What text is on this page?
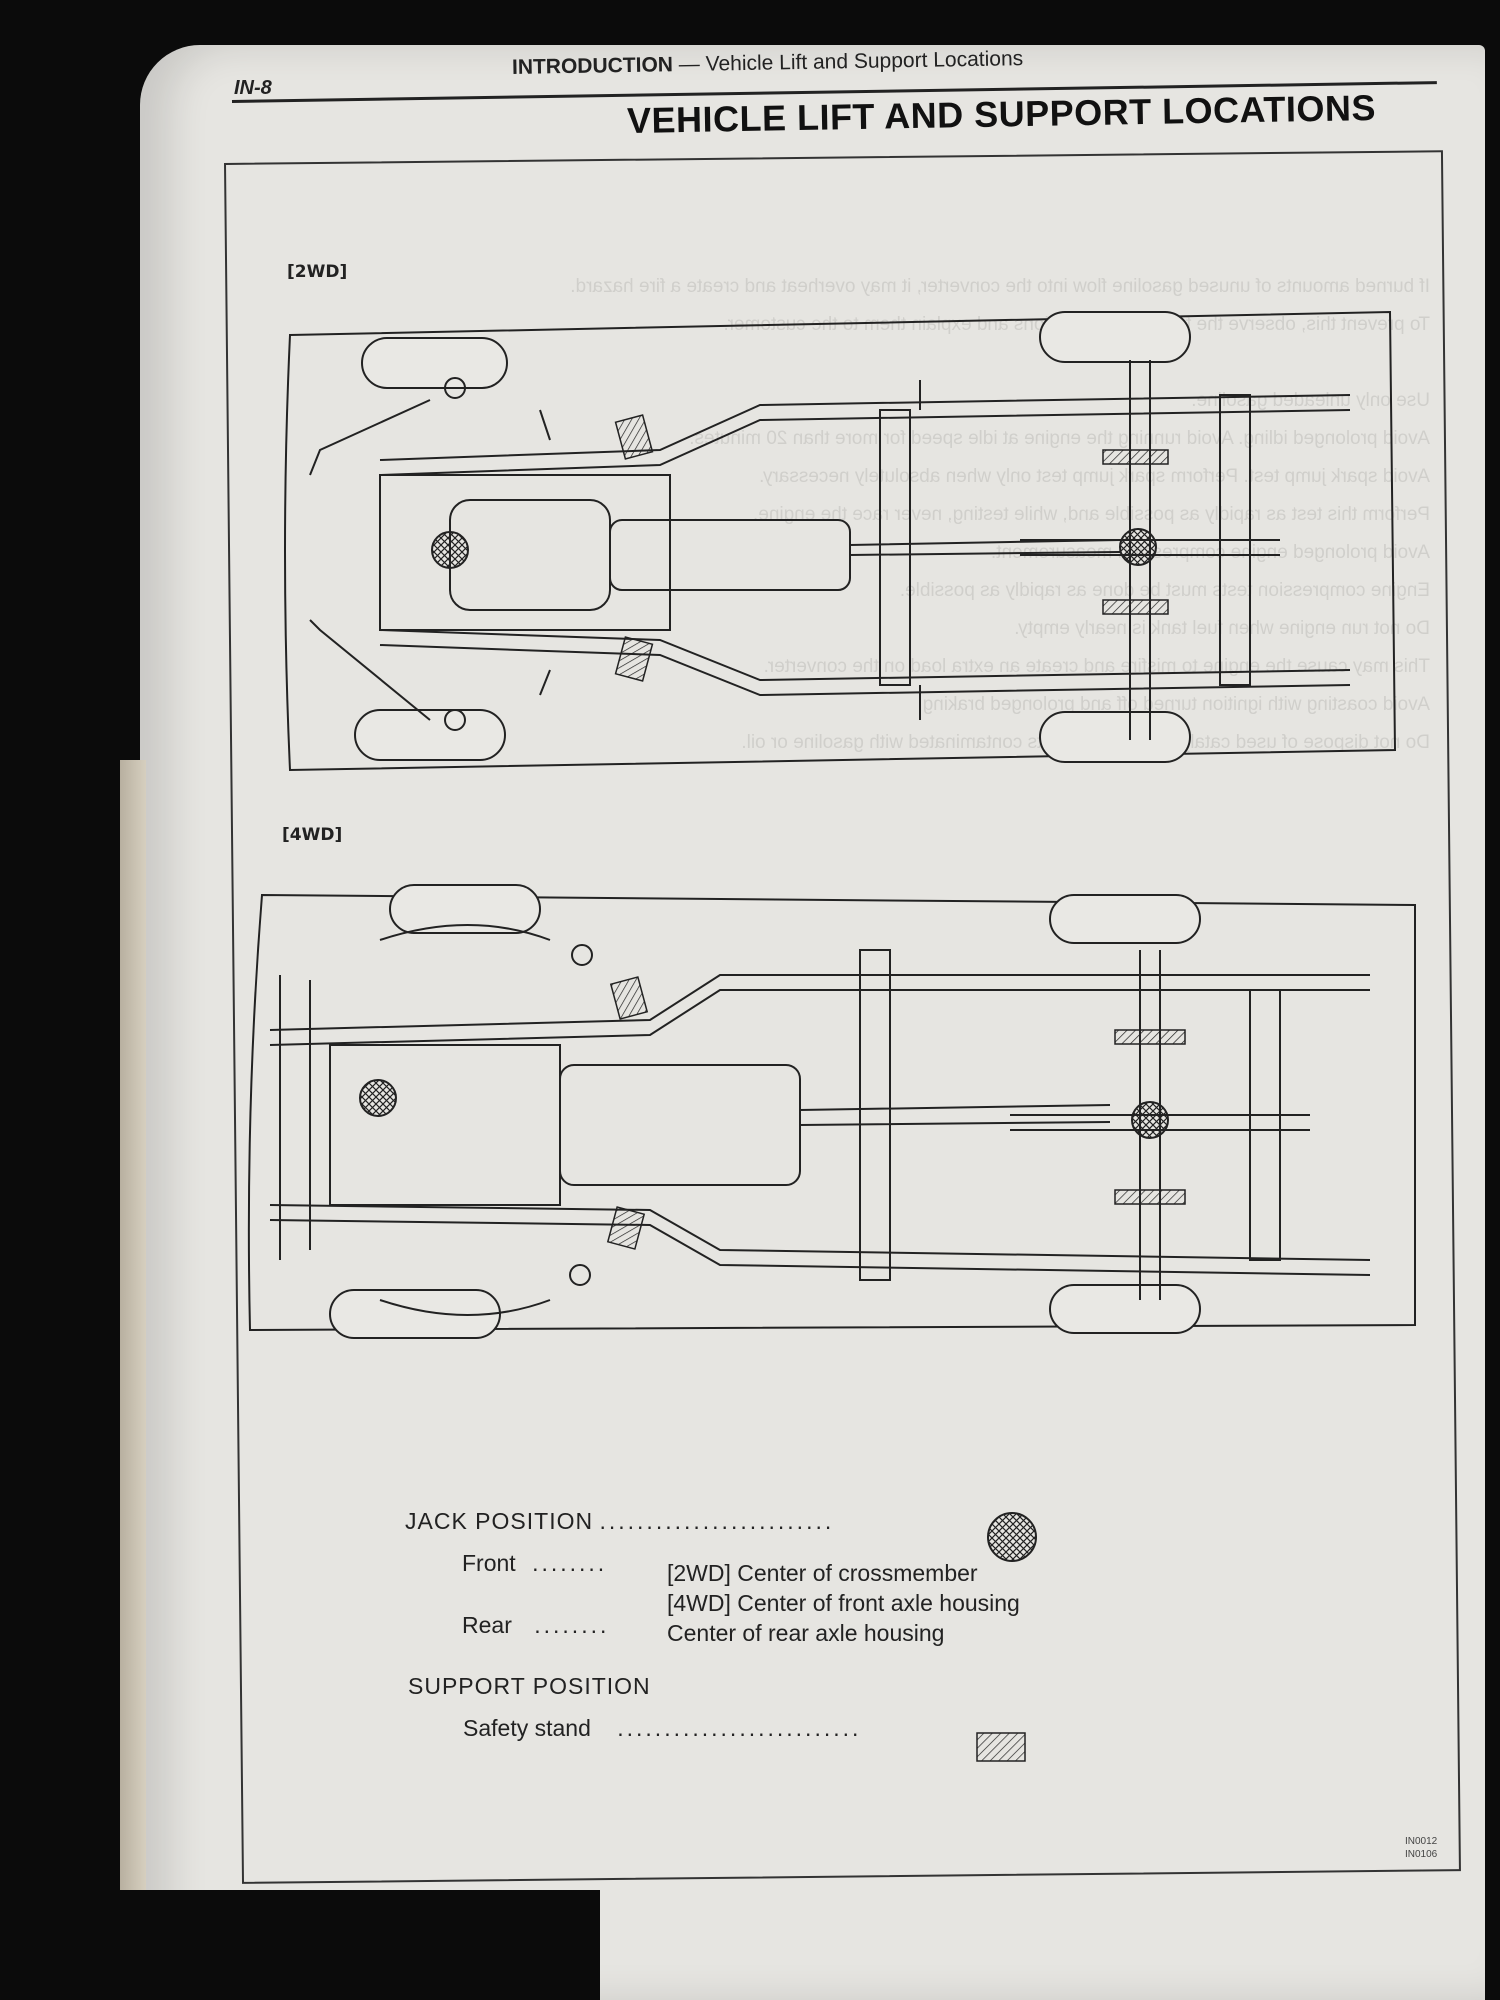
IN-8
INTRODUCTION — Vehicle Lift and Support Locations
VEHICLE LIFT AND SUPPORT LOCATIONS
[2WD]
[4WD]
JACK POSITION .........................
Front ........	[2WD] Center of crossmember
[4WD] Center of front axle housing
Rear ........	Center of rear axle housing
SUPPORT POSITION
Safety stand ..........................
IN0012
IN0106
